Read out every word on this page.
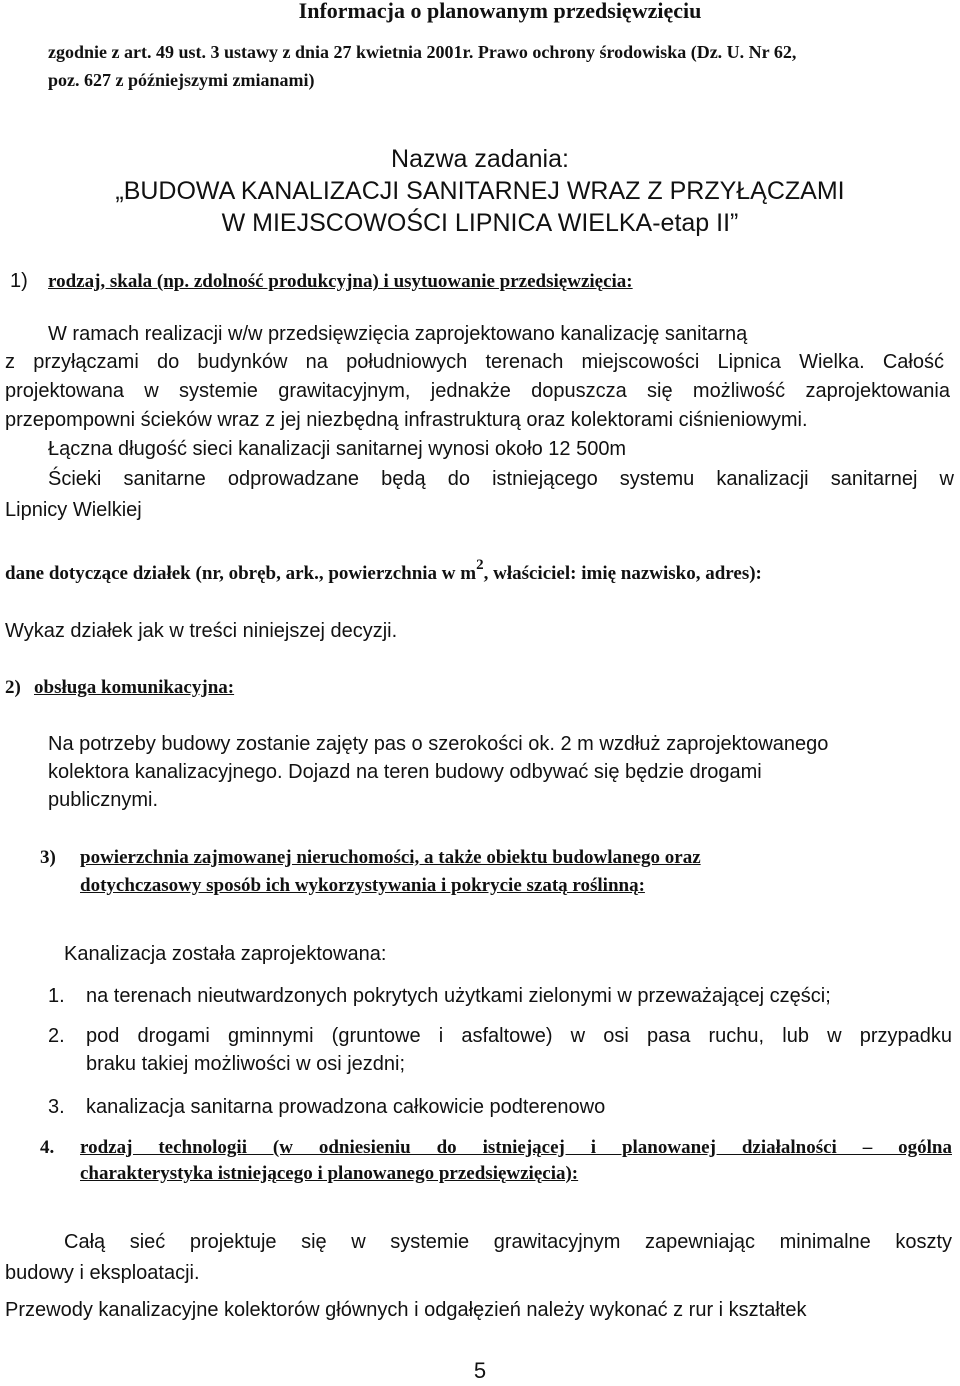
Informacja o planowanym przedsięwzięciu
zgodnie z art. 49 ust. 3 ustawy z dnia 27 kwietnia 2001r. Prawo ochrony środowiska (Dz. U. Nr 62,
poz. 627 z późniejszymi zmianami)
Nazwa zadania:
„BUDOWA KANALIZACJI SANITARNEJ WRAZ Z PRZYŁĄCZAMI
W MIEJSCOWOŚCI LIPNICA WIELKA-etap II”
1) rodzaj, skala (np. zdolność produkcyjna) i usytuowanie przedsięwzięcia:
W ramach realizacji w/w przedsięwzięcia zaprojektowano kanalizację sanitarną
z przyłączami do budynków na południowych terenach miejscowości Lipnica Wielka. Całość
projektowana w systemie grawitacyjnym, jednakże dopuszcza się możliwość zaprojektowania
przepompowni ścieków wraz z jej niezbędną infrastrukturą oraz kolektorami ciśnieniowymi.
Łączna długość sieci kanalizacji sanitarnej wynosi około 12 500m
Ścieki sanitarne odprowadzane będą do istniejącego systemu kanalizacji sanitarnej w
Lipnicy Wielkiej
dane dotyczące działek (nr, obręb, ark., powierzchnia w $m^2$, właściciel: imię nazwisko, adres):
Wykaz działek jak w treści niniejszej decyzji.
2) obsługa komunikacyjna:
Na potrzeby budowy zostanie zajęty pas o szerokości ok. 2 m wzdłuż zaprojektowanego
kolektora kanalizacyjnego. Dojazd na teren budowy odbywać się będzie drogami
publicznymi.
3) powierzchnia zajmowanej nieruchomości, a także obiektu budowlanego oraz
dotychczasowy sposób ich wykorzystywania i pokrycie szatą roślinną:
Kanalizacja została zaprojektowana:
1. na terenach nieutwardzonych pokrytych użytkami zielonymi w przeważającej części;
2. pod drogami gminnymi (gruntowe i asfaltowe) w osi pasa ruchu, lub w przypadku
braku takiej możliwości w osi jezdni;
3. kanalizacja sanitarna prowadzona całkowicie podterenowo
4. rodzaj technologii (w odniesieniu do istniejącej i planowanej działalności – ogólna
charakterystyka istniejącego i planowanego przedsięwzięcia):
Całą sieć projektuje się w systemie grawitacyjnym zapewniając minimalne koszty
budowy i eksploatacji.
Przewody kanalizacyjne kolektorów głównych i odgałęzień należy wykonać z rur i kształtek
5
